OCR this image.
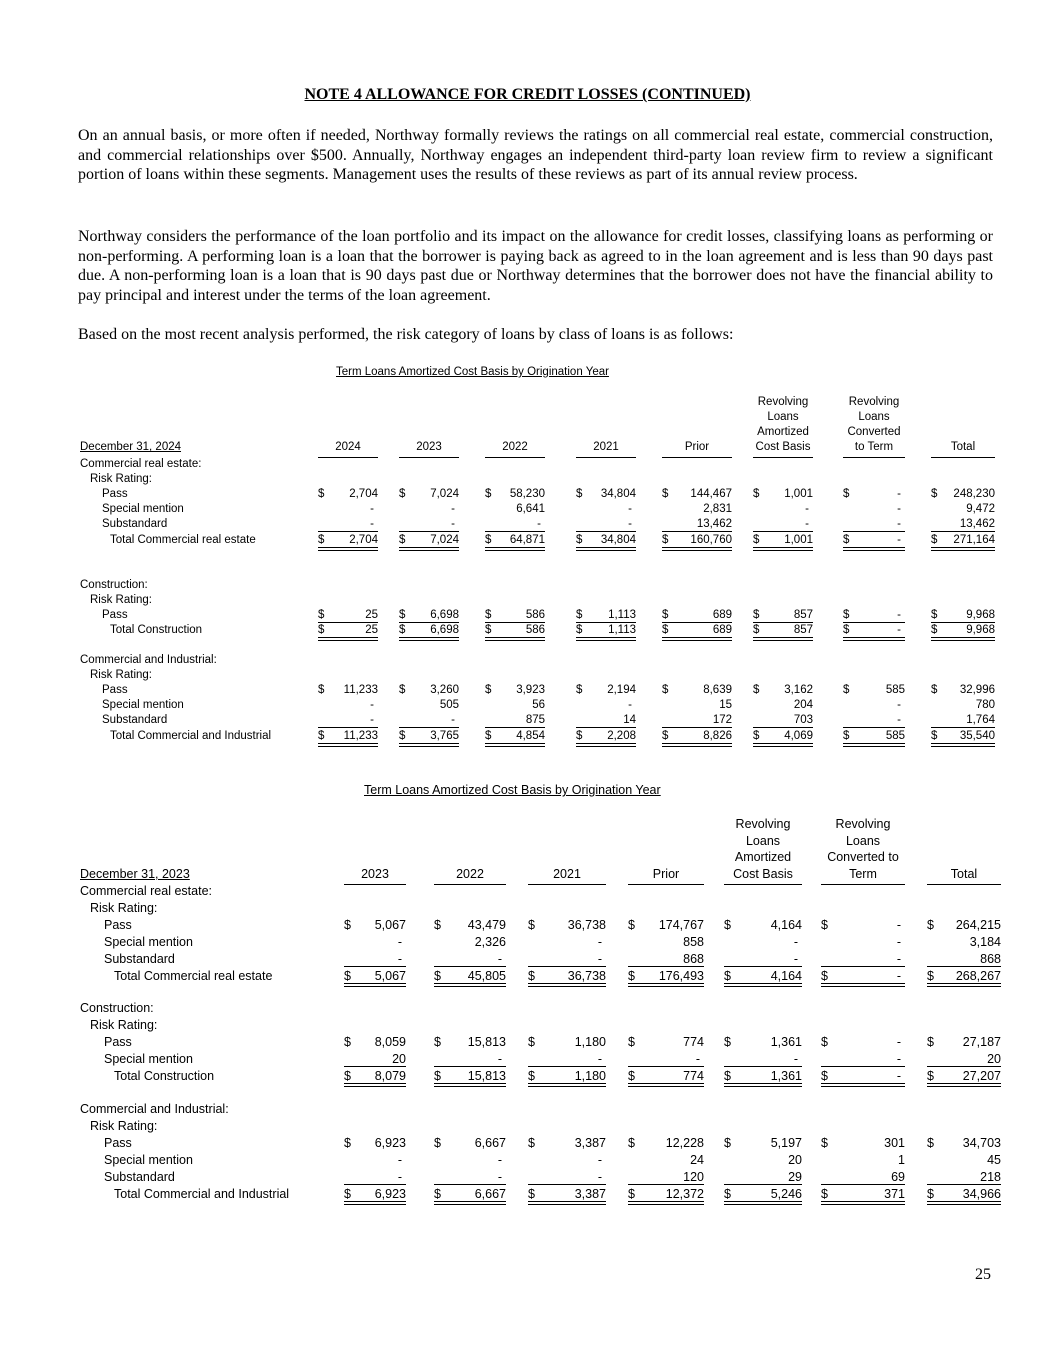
NOTE 4 ALLOWANCE FOR CREDIT LOSSES (CONTINUED)

On an annual basis, or more often if needed, Northway formally reviews the ratings on all commercial real estate, commercial construction, and commercial relationships over $500. Annually, Northway engages an independent third-party loan review firm to review a significant portion of loans within these segments. Management uses the results of these reviews as part of its annual review process.

Northway considers the performance of the loan portfolio and its impact on the allowance for credit losses, classifying loans as performing or non-performing. A performing loan is a loan that the borrower is paying back as agreed to in the loan agreement and is less than 90 days past due. A non-performing loan is a loan that is 90 days past due or Northway determines that the borrower does not have the financial ability to pay principal and interest under the terms of the loan agreement.

Based on the most recent analysis performed, the risk category of loans by class of loans is as follows:

Term Loans Amortized Cost Basis by Origination Year
December 31, 2024	2024	2023	2022	2021	Prior
Revolving
Loans
Amortized
Cost Basis
Revolving
Loans
Converted
to Term	Total
Commercial real estate:
Risk Rating:
Pass	$ 2,704 $ 7,024 $ 58,230	$ 34,804 $ 144,467 $ 1,001	$	-	$ 248,230
Special mention	-	-	6,641	-	2,831	-	-	9,472
Substandard	-	-	-	-	13,462	-	-	13,462
Total Commercial real estate	$ 2,704 $ 7,024 $ 64,871	$ 34,804 $ 160,760 $ 1,001	$	-	$ 271,164
Construction:
Risk Rating:
Pass	$	25 $ 6,698 $	586	$ 1,113 $	689 $	857	$	-	$	9,968
Total Construction	$	25 $ 6,698 $	586	$ 1,113 $	689 $	857	$	-	$	9,968
Commercial and Industrial:
Risk Rating:
Pass	$ 11,233 $ 3,260 $ 3,923	$ 2,194 $	8,639 $ 3,162	$	585 $ 32,996
Special mention	-	505	56	-	15	204	-	780
Substandard	-	-	875	14	172	703	-	1,764
Total Commercial and Industrial	$ 11,233 $ 3,765 $ 4,854	$ 2,208 $	8,826 $ 4,069	$	585 $ 35,540
Term Loans Amortized Cost Basis by Origination Year
December 31, 2023	2023	2022	2021	Prior
Revolving
Loans
Amortized
Cost Basis
Revolving
Loans
Converted to
Term	Total
Commercial real estate:
Risk Rating:
Pass	$ 5,067 $ 43,479 $	36,738 $ 174,767 $	4,164 $	-	$ 264,215
Special mention	-	2,326	-	858	-	-	3,184
Substandard	-	-	-	868	-	-	868
Total Commercial real estate	$ 5,067 $ 45,805 $	36,738 $ 176,493 $	4,164 $	-	$ 268,267
Construction:
Risk Rating:
Pass	$ 8,059 $ 15,813 $	1,180 $	774 $	1,361 $	-	$ 27,187
Special mention	20	-	-	-	-	-	20
Total Construction	$ 8,079 $ 15,813 $	1,180 $	774 $	1,361 $	-	$ 27,207
Commercial and Industrial:
Risk Rating:
Pass	$ 6,923 $	6,667 $	3,387 $ 12,228 $	5,197 $	301 $ 34,703
Special mention	-	-	-	24	20	1	45
Substandard	-	-	-	120	29	69	218
Total Commercial and Industrial	$ 6,923 $	6,667 $	3,387 $ 12,372 $	5,246 $	371 $ 34,966
25
